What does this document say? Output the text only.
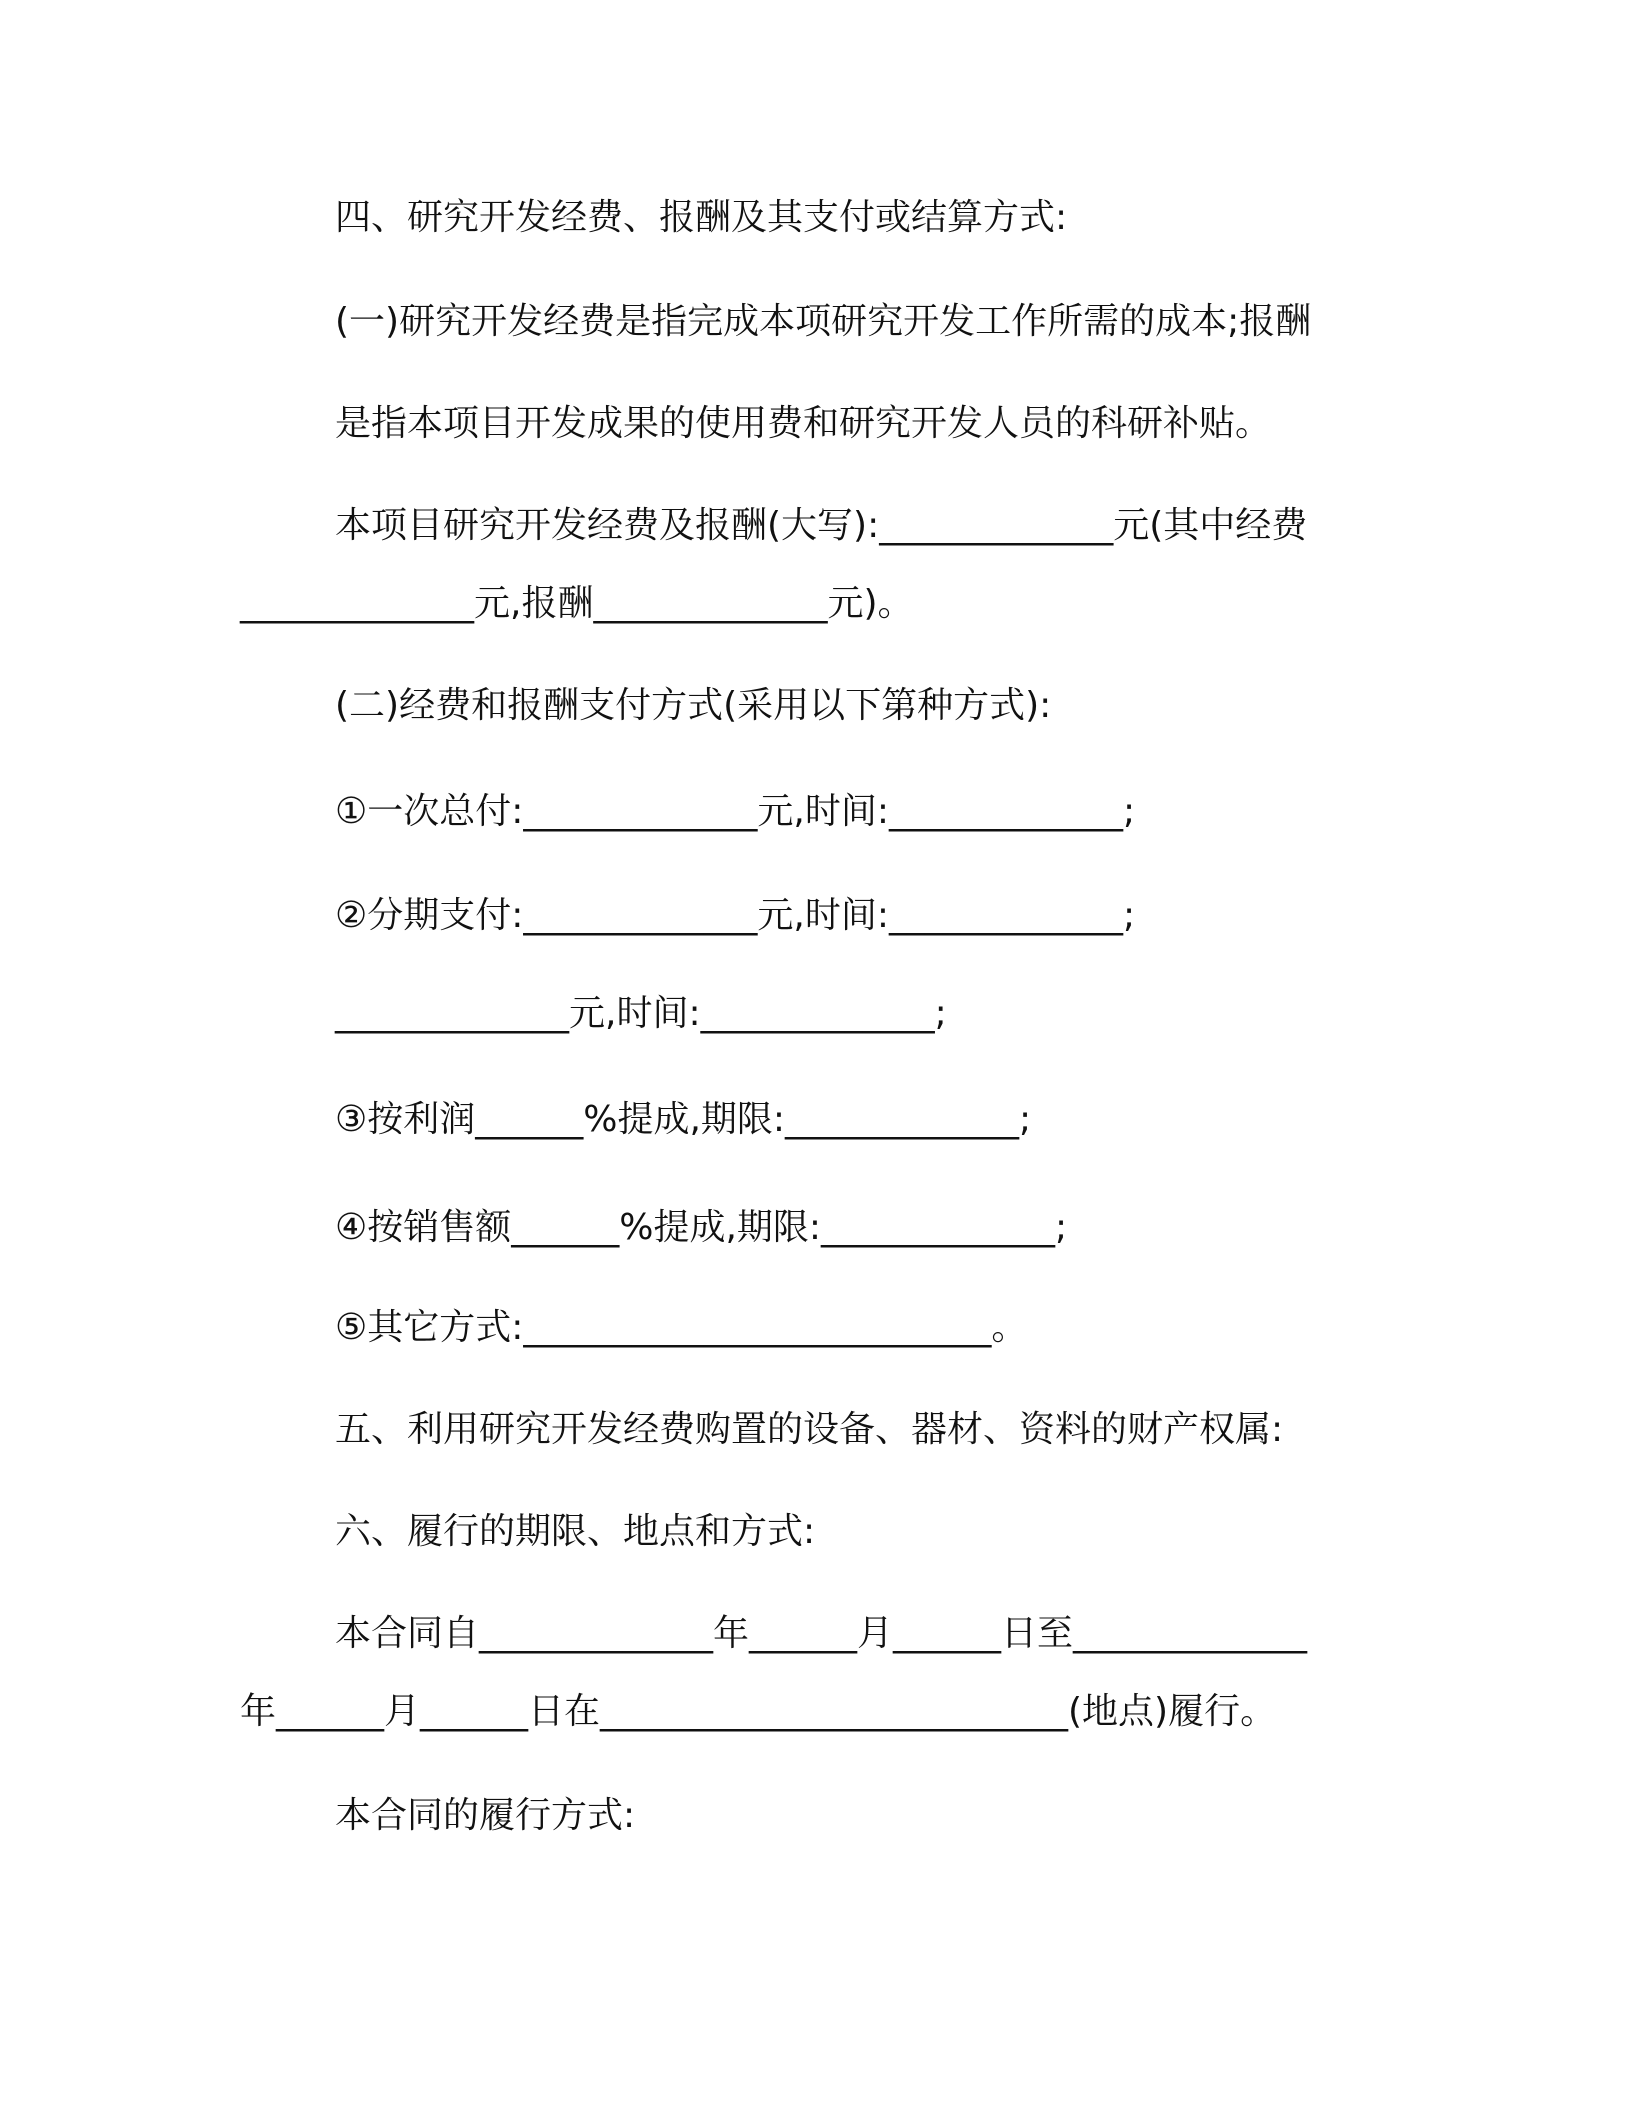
四、研究开发经费、报酬及其支付或结算方式:
(一)研究开发经费是指完成本项研究开发工作所需的成本;报酬
是指本项目开发成果的使用费和研究开发人员的科研补贴。
本项目研究开发经费及报酬(大写):_____________元(其中经费
_____________元,报酬_____________元)。
(二)经费和报酬支付方式(采用以下第种方式):
①一次总付:_____________元,时间:_____________;
②分期支付:_____________元,时间:_____________;
_____________元,时间:_____________;
③按利润______%提成,期限:_____________;
④按销售额______%提成,期限:_____________;
⑤其它方式:__________________________。
五、利用研究开发经费购置的设备、器材、资料的财产权属:
六、履行的期限、地点和方式:
本合同自_____________年______月______日至_____________
年______月______日在__________________________(地点)履行。
本合同的履行方式:
